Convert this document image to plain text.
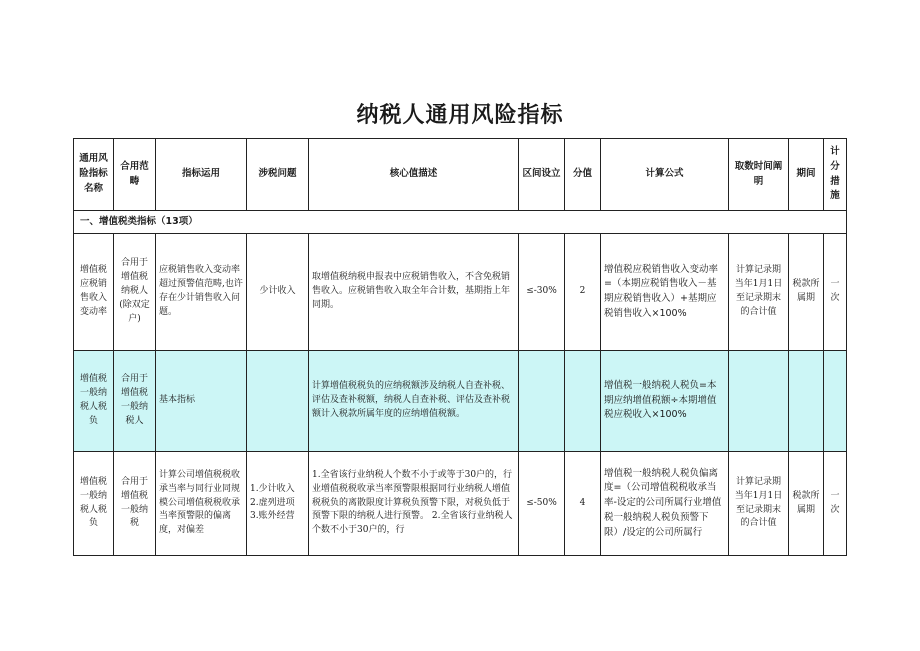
纳税人通用风险指标
通用风险指标名称	合用范畴	指标运用	涉税问题	核心值描述	区间设立	分值	计算公式	取数时间阐明	期间	计分措施
一、增值税类指标（13项）										
增值税应税销售收入变动率	合用于增值税纳税人(除双定户)	应税销售收入变动率超过预警值范畴,也许存在少计销售收入问题。	少计收入	取增值税纳税申报表中应税销售收入，不含免税销售收入。应税销售收入取全年合计数，基期指上年同期。	≤-30%	2	增值税应税销售收入变动率=（本期应税销售收入－基期应税销售收入）+基期应税销售收入×100%	计算记录期当年1月1日至记录期末的合计值	税款所属期	一次
增值税一般纳税人税负	合用于增值税一般纳税人	基本指标		计算增值税税负的应纳税额涉及纳税人自查补税、评估及查补税额，纳税人自查补税、评估及查补税额计入税款所属年度的应纳增值税额。			增值税一般纳税人税负=本期应纳增值税额÷本期增值税应税收入×100%			

增值税一般纳税人税负	合用于增值税一般纳税	计算公司增值税税收承当率与同行业同规模公司增值税税收承当率预警限的偏离度，对偏差	1.少计收入 2.虚列进项 3.账外经营	1.全省该行业纳税人个数不小于或等于30户的，行业增值税税收承当率预警限根据同行业纳税人增值税税负的离散限度计算税负预警下限，对税负低于预警下限的纳税人进行预警。 2.全省该行业纳税人个数不小于30户的，行	≤-50%	4	增值税一般纳税人税负偏离度=（公司增值税税收承当率-设定的公司所属行业增值税一般纳税人税负预警下限）/设定的公司所属行	计算记录期当年1月1日至记录期末的合计值	税款所属期	一次
